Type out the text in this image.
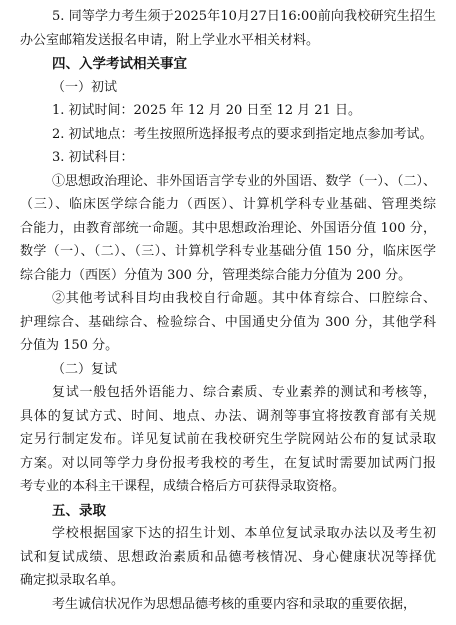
5. 同等学力考生须于2025年10月27日16:00前向我校研究生招生
办公室邮箱发送报名申请，附上学业水平相关材料。
四、入学考试相关事宜
（一）初试
1. 初试时间：2025 年 12 月 20 日至 12 月 21 日。
2. 初试地点：考生按照所选择报考点的要求到指定地点参加考试。
3. 初试科目：
①思想政治理论、非外国语言学专业的外国语、数学（一）、（二）、
（三）、临床医学综合能力（西医）、计算机学科专业基础、管理类综
合能力，由教育部统一命题。其中思想政治理论、外国语分值 100 分，
数学（一）、（二）、（三）、计算机学科专业基础分值 150 分，临床医学
综合能力（西医）分值为 300 分，管理类综合能力分值为 200 分。
②其他考试科目均由我校自行命题。其中体育综合、口腔综合、
护理综合、基础综合、检验综合、中国通史分值为 300 分，其他学科
分值为 150 分。
（二）复试
复试一般包括外语能力、综合素质、专业素养的测试和考核等，
具体的复试方式、时间、地点、办法、调剂等事宜将按教育部有关规
定另行制定发布。详见复试前在我校研究生学院网站公布的复试录取
方案。对以同等学力身份报考我校的考生，在复试时需要加试两门报
考专业的本科主干课程，成绩合格后方可获得录取资格。
五、录取
学校根据国家下达的招生计划、本单位复试录取办法以及考生初
试和复试成绩、思想政治素质和品德考核情况、身心健康状况等择优
确定拟录取名单。
考生诚信状况作为思想品德考核的重要内容和录取的重要依据，
